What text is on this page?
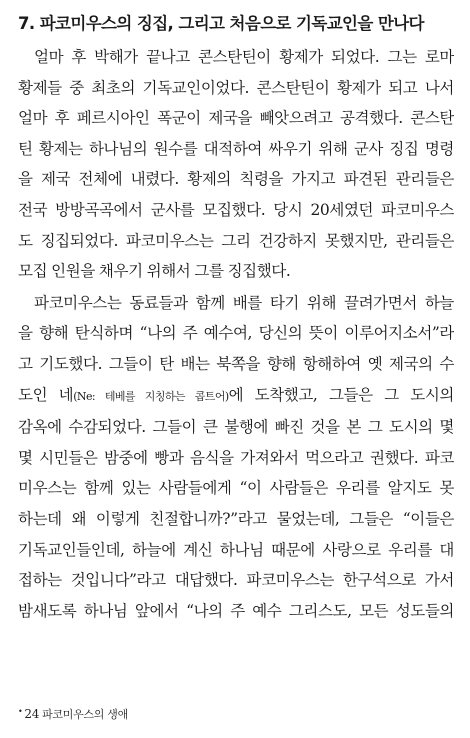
7. 파코미우스의 징집, 그리고 처음으로 기독교인을 만나다
얼마 후 박해가 끝나고 콘스탄틴이 황제가 되었다. 그는 로마
황제들 중 최초의 기독교인이었다. 콘스탄틴이 황제가 되고 나서
얼마 후 페르시아인 폭군이 제국을 빼앗으려고 공격했다. 콘스탄
틴 황제는 하나님의 원수를 대적하여 싸우기 위해 군사 징집 명령
을 제국 전체에 내렸다. 황제의 칙령을 가지고 파견된 관리들은
전국 방방곡곡에서 군사를 모집했다. 당시 20세였던 파코미우스
도 징집되었다. 파코미우스는 그리 건강하지 못했지만, 관리들은
모집 인원을 채우기 위해서 그를 징집했다.
파코미우스는 동료들과 함께 배를 타기 위해 끌려가면서 하늘
을 향해 탄식하며 “나의 주 예수여, 당신의 뜻이 이루어지소서”라
고 기도했다. 그들이 탄 배는 북쪽을 향해 항해하여 옛 제국의 수
도인 네(Ne: 테베를 지칭하는 콥트어)에 도착했고, 그들은 그 도시의
감옥에 수감되었다. 그들이 큰 불행에 빠진 것을 본 그 도시의 몇
몇 시민들은 밤중에 빵과 음식을 가져와서 먹으라고 권했다. 파코
미우스는 함께 있는 사람들에게 “이 사람들은 우리를 알지도 못
하는데 왜 이렇게 친절합니까?”라고 물었는데, 그들은 “이들은
기독교인들인데, 하늘에 계신 하나님 때문에 사랑으로 우리를 대
접하는 것입니다”라고 대답했다. 파코미우스는 한구석으로 가서
밤새도록 하나님 앞에서 “나의 주 예수 그리스도, 모든 성도들의
• 24 파코미우스의 생애
